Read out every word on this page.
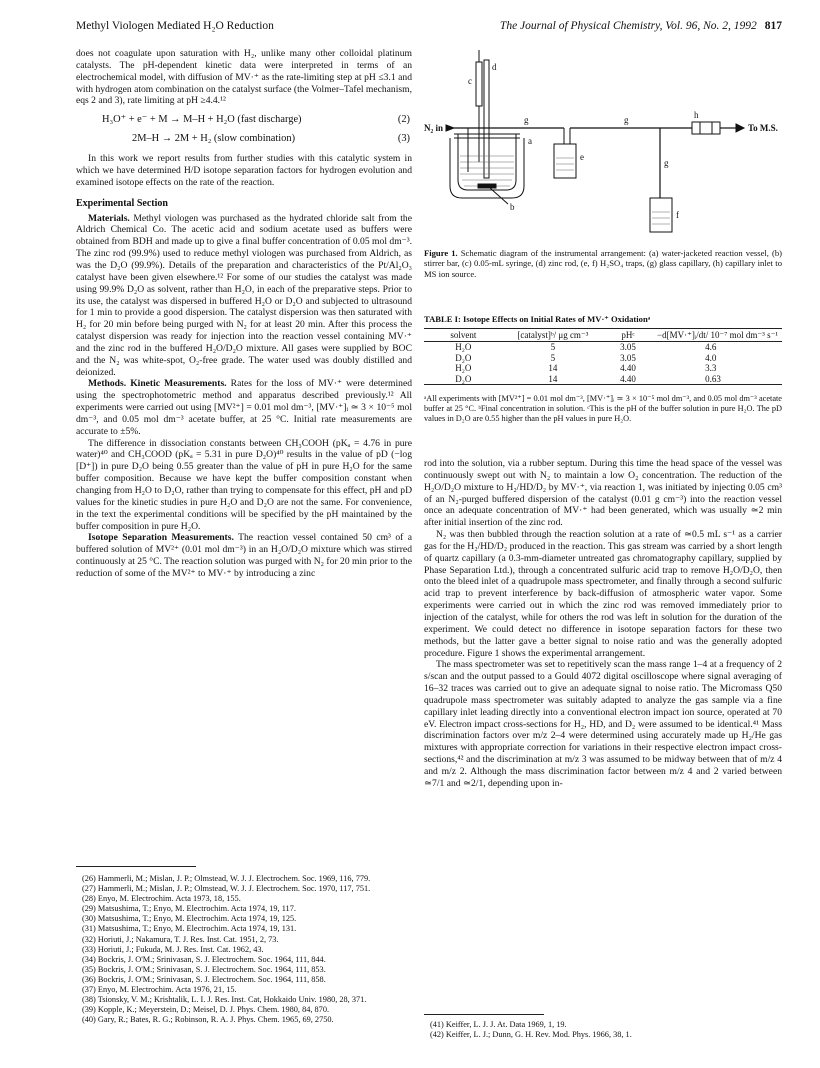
Methyl Viologen Mediated H₂O Reduction	The Journal of Physical Chemistry, Vol. 96, No. 2, 1992 817

does not coagulate upon saturation with H₂, unlike many other colloidal platinum catalysts. The pH-dependent kinetic data were interpreted in terms of an electrochemical model, with diffusion of MV·⁺ as the rate-limiting step at pH ≤3.1 and with hydrogen atom combination on the catalyst surface (the Volmer–Tafel mechanism, eqs 2 and 3), rate limiting at pH ≥4.4.¹²

H₃O⁺ + e⁻ + M → M–H + H₂O (fast discharge)	(2)
2M–H → 2M + H₂ (slow combination)	(3)

In this work we report results from further studies with this catalytic system in which we have determined H/D isotope separation factors for hydrogen evolution and examined isotope effects on the rate of the reaction.

Experimental Section

Materials. Methyl viologen was purchased as the hydrated chloride salt from the Aldrich Chemical Co. The acetic acid and sodium acetate used as buffers were obtained from BDH and made up to give a final buffer concentration of 0.05 mol dm⁻³. The zinc rod (99.9%) used to reduce methyl viologen was purchased from Aldrich, as was the D₂O (99.9%). Details of the preparation and characteristics of the Pt/Al₂O₃ catalyst have been given elsewhere.¹² For some of our studies the catalyst was made using 99.9% D₂O as solvent, rather than H₂O, in each of the preparative steps. Prior to its use, the catalyst was dispersed in buffered H₂O or D₂O and subjected to ultrasound for 1 min to provide a good dispersion. The catalyst dispersion was then saturated with H₂ for 20 min before being purged with N₂ for at least 20 min. After this process the catalyst dispersion was ready for injection into the reaction vessel containing MV·⁺ and the zinc rod in the buffered H₂O/D₂O mixture. All gases were supplied by BOC and the N₂ was white-spot, O₂-free grade. The water used was doubly distilled and deionized.

Methods. Kinetic Measurements. Rates for the loss of MV·⁺ were determined using the spectrophotometric method and apparatus described previously.¹² All experiments were carried out using [MV²⁺] = 0.01 mol dm⁻³, [MV·⁺]ᵢ ≃ 3 × 10⁻⁵ mol dm⁻³, and 0.05 mol dm⁻³ acetate buffer, at 25 °C. Initial rate measurements are accurate to ±5%.

The difference in dissociation constants between CH₃COOH (pKₐ = 4.76 in pure water)⁴⁰ and CH₃COOD (pKₐ = 5.31 in pure D₂O)⁴⁰ results in the value of pD (−log [D⁺]) in pure D₂O being 0.55 greater than the value of pH in pure H₂O for the same buffer composition. Because we have kept the buffer composition constant when changing from H₂O to D₂O, rather than trying to compensate for this effect, pH and pD values for the kinetic studies in pure H₂O and D₂O are not the same. For convenience, in the text the experimental conditions will be specified by the pH maintained by the buffer composition in pure H₂O.

Isotope Separation Measurements. The reaction vessel contained 50 cm³ of a buffered solution of MV²⁺ (0.01 mol dm⁻³) in an H₂O/D₂O mixture which was stirred continuously at 25 °C. The reaction solution was purged with N₂ for 20 min prior to the reduction of some of the MV²⁺ to MV·⁺ by introducing a zinc

(26) Hammerli, M.; Mislan, J. P.; Olmstead, W. J. J. Electrochem. Soc. 1969, 116, 779.
(27) Hammerli, M.; Mislan, J. P.; Olmstead, W. J. J. Electrochem. Soc. 1970, 117, 751.
(28) Enyo, M. Electrochim. Acta 1973, 18, 155.
(29) Matsushima, T.; Enyo, M. Electrochim. Acta 1974, 19, 117.
(30) Matsushima, T.; Enyo, M. Electrochim. Acta 1974, 19, 125.
(31) Matsushima, T.; Enyo, M. Electrochim. Acta 1974, 19, 131.
(32) Horiuti, J.; Nakamura, T. J. Res. Inst. Cat. 1951, 2, 73.
(33) Horiuti, J.; Fukuda, M. J. Res. Inst. Cat. 1962, 43.
(34) Bockris, J. O'M.; Srinivasan, S. J. Electrochem. Soc. 1964, 111, 844.
(35) Bockris, J. O'M.; Srinivasan, S. J. Electrochem. Soc. 1964, 111, 853.
(36) Bockris, J. O'M.; Srinivasan, S. J. Electrochem. Soc. 1964, 111, 858.
(37) Enyo, M. Electrochim. Acta 1976, 21, 15.
(38) Tsionsky, V. M.; Krishtalik, L. I. J. Res. Inst. Cat, Hokkaido Univ. 1980, 28, 371.
(39) Kopple, K.; Meyerstein, D.; Meisel, D. J. Phys. Chem. 1980, 84, 870.
(40) Gary, R.; Bates, R. G.; Robinson, R. A. J. Phys. Chem. 1965, 69, 2750.
N₂ in	To M.S.
c
d
a
b
e
f
g	g
g
h
Figure 1. Schematic diagram of the instrumental arrangement: (a) water-jacketed reaction vessel, (b) stirrer bar, (c) 0.05-mL syringe, (d) zinc rod, (e, f) H₂SO₄ traps, (g) glass capillary, (h) capillary inlet to MS ion source.
TABLE I: Isotope Effects on Initial Rates of MV·⁺ Oxidationᵃ
solvent	[catalyst]ᵇ/ μg cm⁻³	pHᶜ	−d[MV·⁺]ᵢ/dt/ 10⁻⁷ mol dm⁻³ s⁻¹

H₂O	5	3.05	4.6
D₂O	5	3.05	4.0
H₂O	14	4.40	3.3
D₂O	14	4.40	0.63
ᵃAll experiments with [MV²⁺] = 0.01 mol dm⁻³, [MV·⁺]ᵢ ≃ 3 × 10⁻⁵ mol dm⁻³, and 0.05 mol dm⁻³ acetate buffer at 25 °C. ᵇFinal concentration in solution. ᶜThis is the pH of the buffer solution in pure H₂O. The pD values in D₂O are 0.55 higher than the pH values in pure H₂O.

rod into the solution, via a rubber septum. During this time the head space of the vessel was continuously swept out with N₂ to maintain a low O₂ concentration. The reduction of the H₂O/D₂O mixture to H₂/HD/D₂ by MV·⁺, via reaction 1, was initiated by injecting 0.05 cm³ of an N₂-purged buffered dispersion of the catalyst (0.01 g cm⁻³) into the reaction vessel once an adequate concentration of MV·⁺ had been generated, which was usually ≃2 min after initial insertion of the zinc rod.

N₂ was then bubbled through the reaction solution at a rate of ≃0.5 mL s⁻¹ as a carrier gas for the H₂/HD/D₂ produced in the reaction. This gas stream was carried by a short length of quartz capillary (a 0.3-mm-diameter untreated gas chromatography capillary, supplied by Phase Separation Ltd.), through a concentrated sulfuric acid trap to remove H₂O/D₂O, then onto the bleed inlet of a quadrupole mass spectrometer, and finally through a second sulfuric acid trap to prevent interference by back-diffusion of atmospheric water vapor. Some experiments were carried out in which the zinc rod was removed immediately prior to injection of the catalyst, while for others the rod was left in solution for the duration of the experiment. We could detect no difference in isotope separation factors for these two methods, but the latter gave a better signal to noise ratio and was the generally adopted procedure. Figure 1 shows the experimental arrangement.

The mass spectrometer was set to repetitively scan the mass range 1–4 at a frequency of 2 s/scan and the output passed to a Gould 4072 digital oscilloscope where signal averaging of 16–32 traces was carried out to give an adequate signal to noise ratio. The Micromass Q50 quadrupole mass spectrometer was suitably adapted to analyze the gas sample via a fine capillary inlet leading directly into a conventional electron impact ion source, operated at 70 eV. Electron impact cross-sections for H₂, HD, and D₂ were assumed to be identical.⁴¹ Mass discrimination factors over m/z 2–4 were determined using accurately made up H₂/He gas mixtures with appropriate correction for variations in their respective electron impact cross-sections,⁴² and the discrimination at m/z 3 was assumed to be midway between that of m/z 4 and m/z 2. Although the mass discrimination factor between m/z 4 and 2 varied between ≃7/1 and ≃2/1, depending upon in-

(41) Keiffer, L. J. J. At. Data 1969, 1, 19.
(42) Keiffer, L. J.; Dunn, G. H. Rev. Mod. Phys. 1966, 38, 1.
